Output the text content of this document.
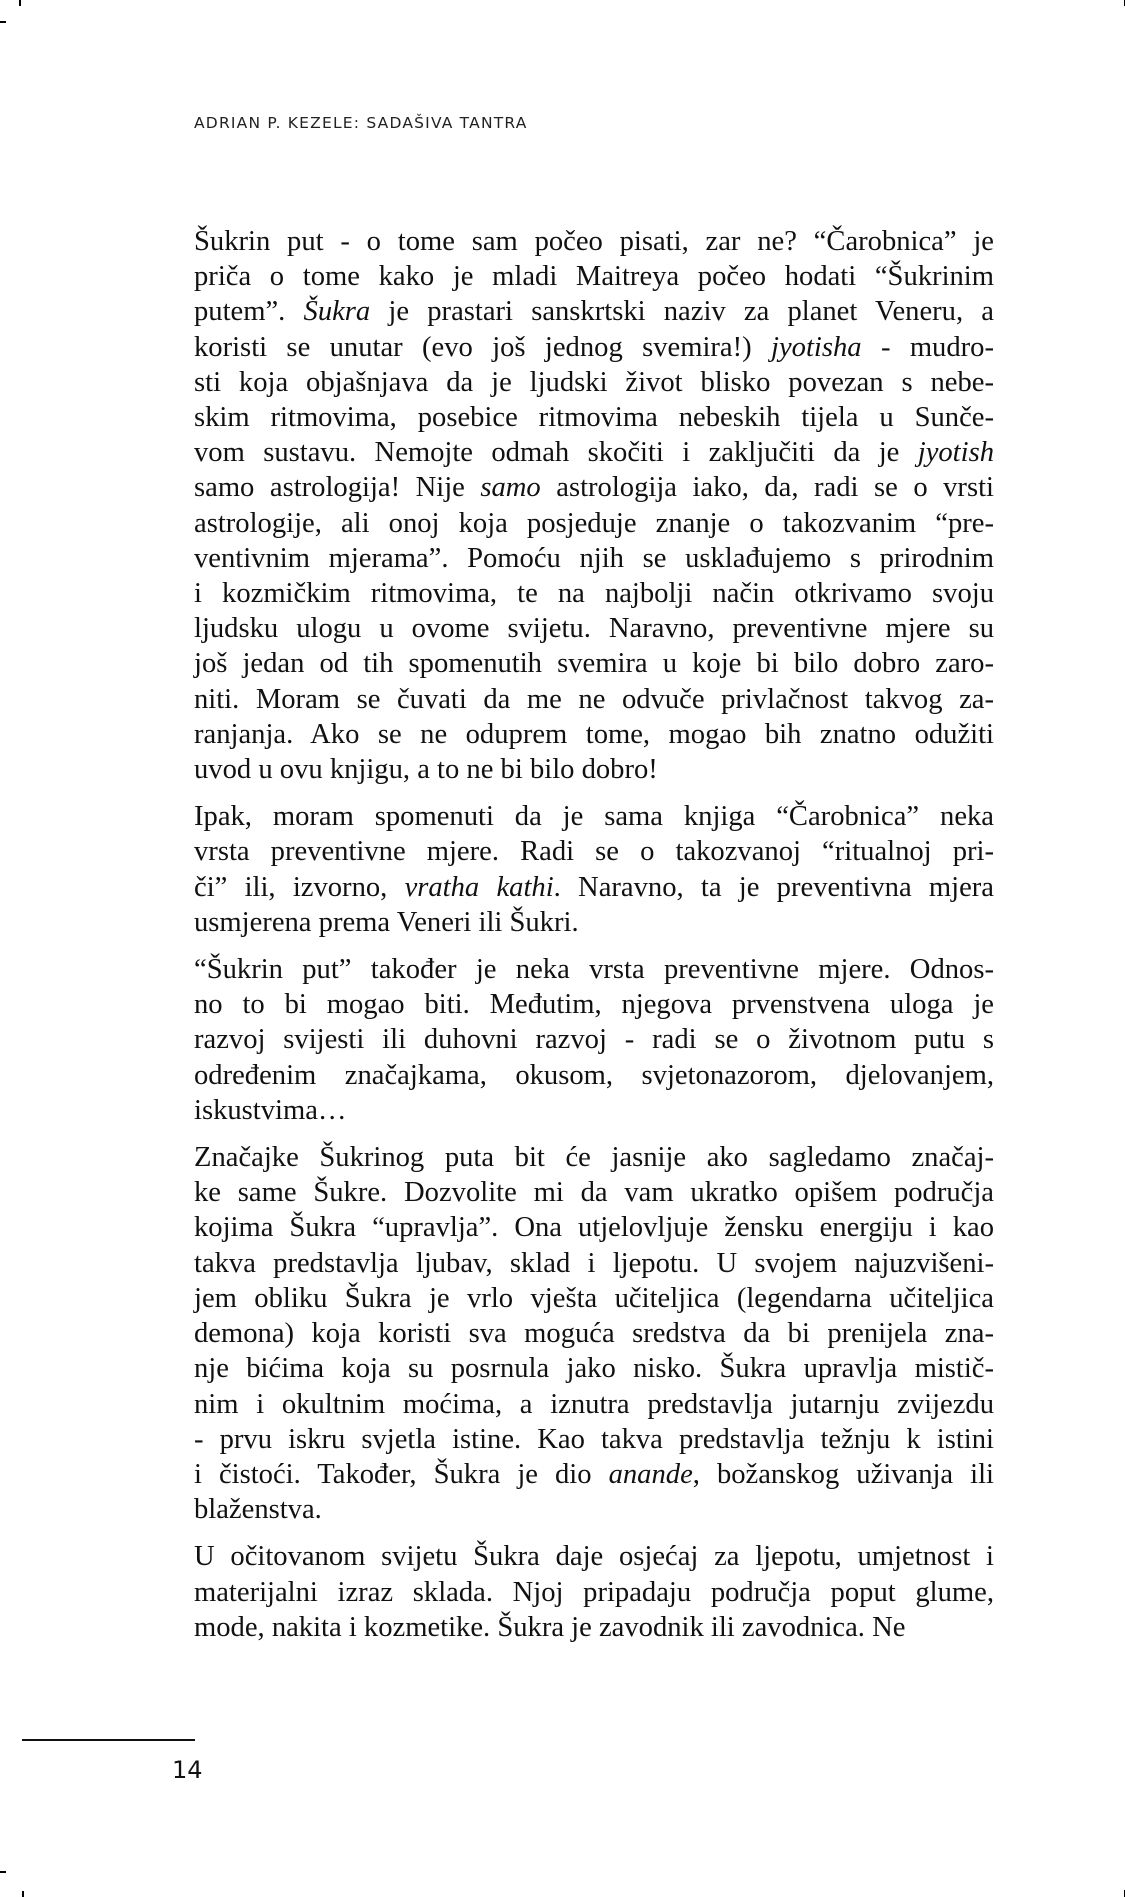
ADRIAN P. KEZELE: SADAŠIVA TANTRA

Šukrin put - o tome sam počeo pisati, zar ne? “Čarobnica” je
priča o tome kako je mladi Maitreya počeo hodati “Šukrinim
putem”. Šukra je prastari sanskrtski naziv za planet Veneru, a
koristi se unutar (evo još jednog svemira!) jyotisha - mudro-
sti koja objašnjava da je ljudski život blisko povezan s nebe-
skim ritmovima, posebice ritmovima nebeskih tijela u Sunče-
vom sustavu. Nemojte odmah skočiti i zaključiti da je jyotish
samo astrologija! Nije samo astrologija iako, da, radi se o vrsti
astrologije, ali onoj koja posjeduje znanje o takozvanim “pre-
ventivnim mjerama”. Pomoću njih se usklađujemo s prirodnim
i kozmičkim ritmovima, te na najbolji način otkrivamo svoju
ljudsku ulogu u ovome svijetu. Naravno, preventivne mjere su
još jedan od tih spomenutih svemira u koje bi bilo dobro zaro-
niti. Moram se čuvati da me ne odvuče privlačnost takvog za-
ranjanja. Ako se ne oduprem tome, mogao bih znatno odužiti
uvod u ovu knjigu, a to ne bi bilo dobro!

Ipak, moram spomenuti da je sama knjiga “Čarobnica” neka
vrsta preventivne mjere. Radi se o takozvanoj “ritualnoj pri-
či” ili, izvorno, vratha kathi. Naravno, ta je preventivna mjera
usmjerena prema Veneri ili Šukri.

“Šukrin put” također je neka vrsta preventivne mjere. Odnos-
no to bi mogao biti. Međutim, njegova prvenstvena uloga je
razvoj svijesti ili duhovni razvoj - radi se o životnom putu s
određenim značajkama, okusom, svjetonazorom, djelovanjem,
iskustvima…

Značajke Šukrinog puta bit će jasnije ako sagledamo značaj-
ke same Šukre. Dozvolite mi da vam ukratko opišem područja
kojima Šukra “upravlja”. Ona utjelovljuje žensku energiju i kao
takva predstavlja ljubav, sklad i ljepotu. U svojem najuzvišeni-
jem obliku Šukra je vrlo vješta učiteljica (legendarna učiteljica
demona) koja koristi sva moguća sredstva da bi prenijela zna-
nje bićima koja su posrnula jako nisko. Šukra upravlja mistič-
nim i okultnim moćima, a iznutra predstavlja jutarnju zvijezdu
- prvu iskru svjetla istine. Kao takva predstavlja težnju k istini
i čistoći. Također, Šukra je dio anande, božanskog uživanja ili
blaženstva.

U očitovanom svijetu Šukra daje osjećaj za ljepotu, umjetnost i
materijalni izraz sklada. Njoj pripadaju područja poput glume,
mode, nakita i kozmetike. Šukra je zavodnik ili zavodnica. Ne

14
